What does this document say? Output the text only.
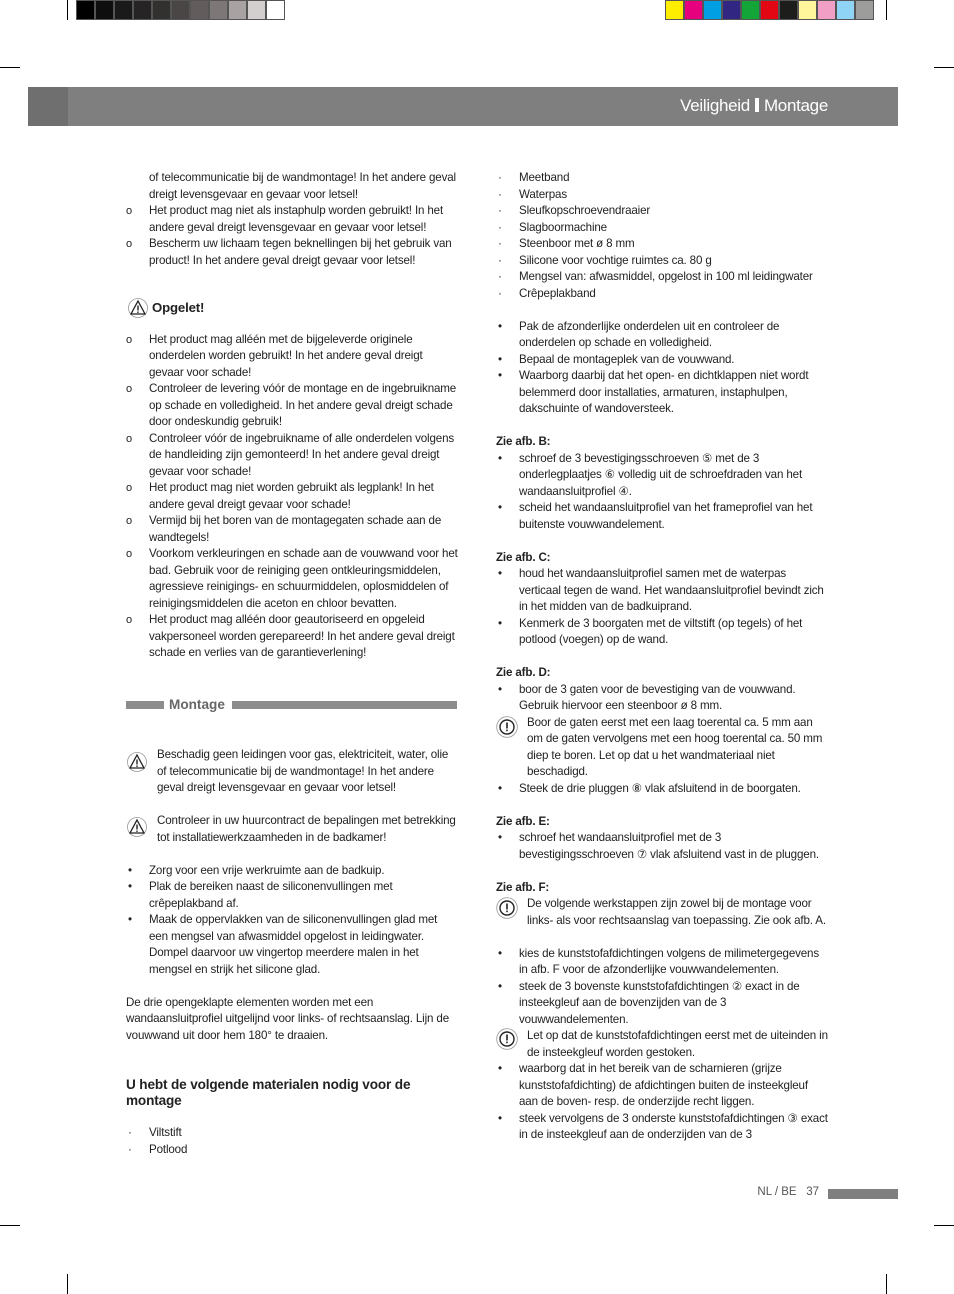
Veiligheid Montage
of telecommunicatie bij de wandmontage! In het andere geval dreigt levensgevaar en gevaar voor letsel!
o	Het product mag niet als instaphulp worden gebruikt! In het andere geval dreigt levensgevaar en gevaar voor letsel!
o	Bescherm uw lichaam tegen beknellingen bij het gebruik van product! In het andere geval dreigt gevaar voor letsel!
Opgelet!
o	Het product mag alléén met de bijgeleverde originele onderdelen worden gebruikt! In het andere geval dreigt gevaar voor schade!
o	Controleer de levering vóór de montage en de ingebruikname op schade en volledigheid. In het andere geval dreigt schade door ondeskundig gebruik!
o	Controleer vóór de ingebruikname of alle onderdelen volgens de handleiding zijn gemonteerd! In het andere geval dreigt gevaar voor schade!
o	Het product mag niet worden gebruikt als legplank! In het andere geval dreigt gevaar voor schade!
o	Vermijd bij het boren van de montagegaten schade aan de wandtegels!
o	Voorkom verkleuringen en schade aan de vouwwand voor het bad. Gebruik voor de reiniging geen ontkleuringsmiddelen, agressieve reinigings- en schuurmiddelen, oplosmiddelen of reinigingsmiddelen die aceton en chloor bevatten.
o	Het product mag alléén door geautoriseerd en opgeleid vakpersoneel worden gerepareerd! In het andere geval dreigt schade en verlies van de garantieverlening!
Montage
Beschadig geen leidingen voor gas, elektriciteit, water, olie of telecommunicatie bij de wandmontage! In het andere geval dreigt levensgevaar en gevaar voor letsel!
Controleer in uw huurcontract de bepalingen met betrekking tot installatiewerkzaamheden in de badkamer!
•	Zorg voor een vrije werkruimte aan de badkuip.
•	Plak de bereiken naast de siliconenvullingen met crêpeplakband af.
•	Maak de oppervlakken van de siliconenvullingen glad met een mengsel van afwasmiddel opgelost in leidingwater. Dompel daarvoor uw vingertop meerdere malen in het mengsel en strijk het silicone glad.
De drie opengeklapte elementen worden met een wandaansluitprofiel uitgelijnd voor links- of rechtsaanslag. Lijn de vouwwand uit door hem 180° te draaien.
U hebt de volgende materialen nodig voor de montage
·	Viltstift
·	Potlood
·	Meetband
·	Waterpas
·	Sleufkopschroevendraaier
·	Slagboormachine
·	Steenboor met ø 8 mm
·	Silicone voor vochtige ruimtes ca. 80 g
·	Mengsel van: afwasmiddel, opgelost in 100 ml leidingwater
·	Crêpeplakband
•	Pak de afzonderlijke onderdelen uit en controleer de onderdelen op schade en volledigheid.
•	Bepaal de montageplek van de vouwwand.
•	Waarborg daarbij dat het open- en dichtklappen niet wordt belemmerd door installaties, armaturen, instaphulpen, dakschuinte of wandoversteek.
Zie afb. B:
•	schroef de 3 bevestigingsschroeven ⑤ met de 3 onderlegplaatjes ⑥ volledig uit de schroefdraden van het wandaansluitprofiel ④.
•	scheid het wandaansluitprofiel van het frameprofiel van het buitenste vouwwandelement.
Zie afb. C:
•	houd het wandaansluitprofiel samen met de waterpas verticaal tegen de wand. Het wandaansluitprofiel bevindt zich in het midden van de badkuiprand.
•	Kenmerk de 3 boorgaten met de viltstift (op tegels) of het potlood (voegen) op de wand.
Zie afb. D:
•	boor de 3 gaten voor de bevestiging van de vouwwand. Gebruik hiervoor een steenboor ø 8 mm.
Boor de gaten eerst met een laag toerental ca. 5 mm aan om de gaten vervolgens met een hoog toerental ca. 50 mm diep te boren. Let op dat u het wandmateriaal niet beschadigd.
•	Steek de drie pluggen ⑧ vlak afsluitend in de boorgaten.
Zie afb. E:
•	schroef het wandaansluitprofiel met de 3 bevestigingsschroeven ⑦ vlak afsluitend vast in de pluggen.
Zie afb. F:
De volgende werkstappen zijn zowel bij de montage voor links- als voor rechtsaanslag van toepassing. Zie ook afb. A.
•	kies de kunststofafdichtingen volgens de milimetergegevens in afb. F voor de afzonderlijke vouwwandelementen.
•	steek de 3 bovenste kunststofafdichtingen ② exact in de insteekgleuf aan de bovenzijden van de 3 vouwwandelementen.
Let op dat de kunststofafdichtingen eerst met de uiteinden in de insteekgleuf worden gestoken.
•	waarborg dat in het bereik van de scharnieren (grijze kunststofafdichting) de afdichtingen buiten de insteekgleuf aan de boven- resp. de onderzijde recht liggen.
•	steek vervolgens de 3 onderste kunststofafdichtingen ③ exact in de insteekgleuf aan de onderzijden van de 3
NL / BE 37
